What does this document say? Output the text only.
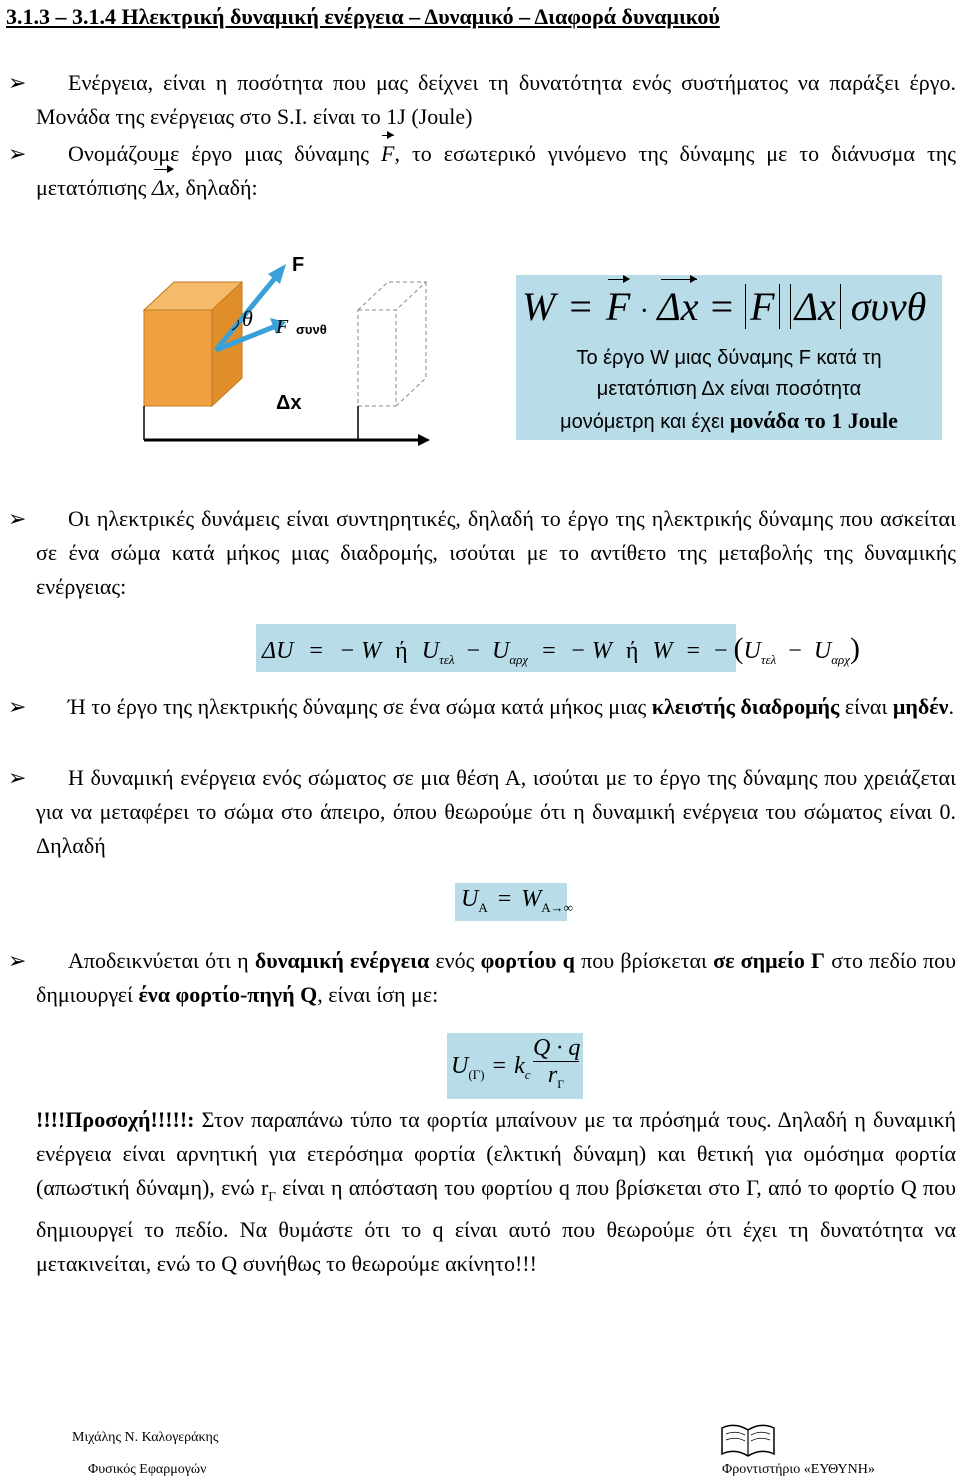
3.1.3 – 3.1.4 Ηλεκτρική δυναμική ενέργεια – Δυναμικό – Διαφορά δυναμικού
➢ Ενέργεια, είναι η ποσότητα που μας δείχνει τη δυνατότητα ενός συστήματος να παράξει έργο. Μονάδα της ενέργειας στο S.I. είναι το 1J (Joule)
➢ Ονομάζουμε έργο μιας δύναμης F, το εσωτερικό γινόμενο της δύναμης με το διάνυσμα της μετατόπισης Δx, δηλαδή:
F
θ F συνθ
Δx
W = F · Δx = F Δx συνθ
Το έργο W μιας δύναμης F κατά τη
μετατόπιση Δx είναι ποσότητα
μονόμετρη και έχει μονάδα το 1 Joule
➢ Οι ηλεκτρικές δυνάμεις είναι συντηρητικές, δηλαδή το έργο της ηλεκτρικής δύναμης που ασκείται σε ένα σώμα κατά μήκος μιας διαδρομής, ισούται με το αντίθετο της μεταβολής της δυναμικής ενέργειας:
ΔU = − W ή $U_{\tau\varepsilon\lambda} - U_{\alpha\rho\chi}$ = − W ή W = − $(U_{\tau\varepsilon\lambda} - U_{\alpha\rho\chi})$
➢ Ή το έργο της ηλεκτρικής δύναμης σε ένα σώμα κατά μήκος μιας κλειστής διαδρομής είναι μηδέν.
➢ Η δυναμική ενέργεια ενός σώματος σε μια θέση Α, ισούται με το έργο της δύναμης που χρειάζεται για να μεταφέρει το σώμα στο άπειρο, όπου θεωρούμε ότι η δυναμική ενέργεια του σώματος είναι 0. Δηλαδή
$U_A = W_{A\to\infty}$
➢ Αποδεικνύεται ότι η δυναμική ενέργεια ενός φορτίου q που βρίσκεται σε σημείο Γ στο πεδίο που δημιουργεί ένα φορτίο-πηγή Q, είναι ίση με:
$U_{(\Gamma)} = k_c$
Q · q
$r_\Gamma$
!!!!Προσοχή!!!!!: Στον παραπάνω τύπο τα φορτία μπαίνουν με τα πρόσημά τους. Δηλαδή η δυναμική ενέργεια είναι αρνητική για ετερόσημα φορτία (ελκτική δύναμη) και θετική για ομόσημα φορτία (απωστική δύναμη), ενώ $r_\Gamma$ είναι η απόσταση του φορτίου q που βρίσκεται στο Γ, από το φορτίο Q που δημιουργεί το πεδίο. Να θυμάστε ότι το q είναι αυτό που θεωρούμε ότι έχει τη δυνατότητα να μετακινείται, ενώ το Q συνήθως το θεωρούμε ακίνητο!!!
Μιχάλης Ν. Καλογεράκης
Φυσικός Εφαρμογών	Φροντιστήριο «ΕΥΘΥΝΗ»
